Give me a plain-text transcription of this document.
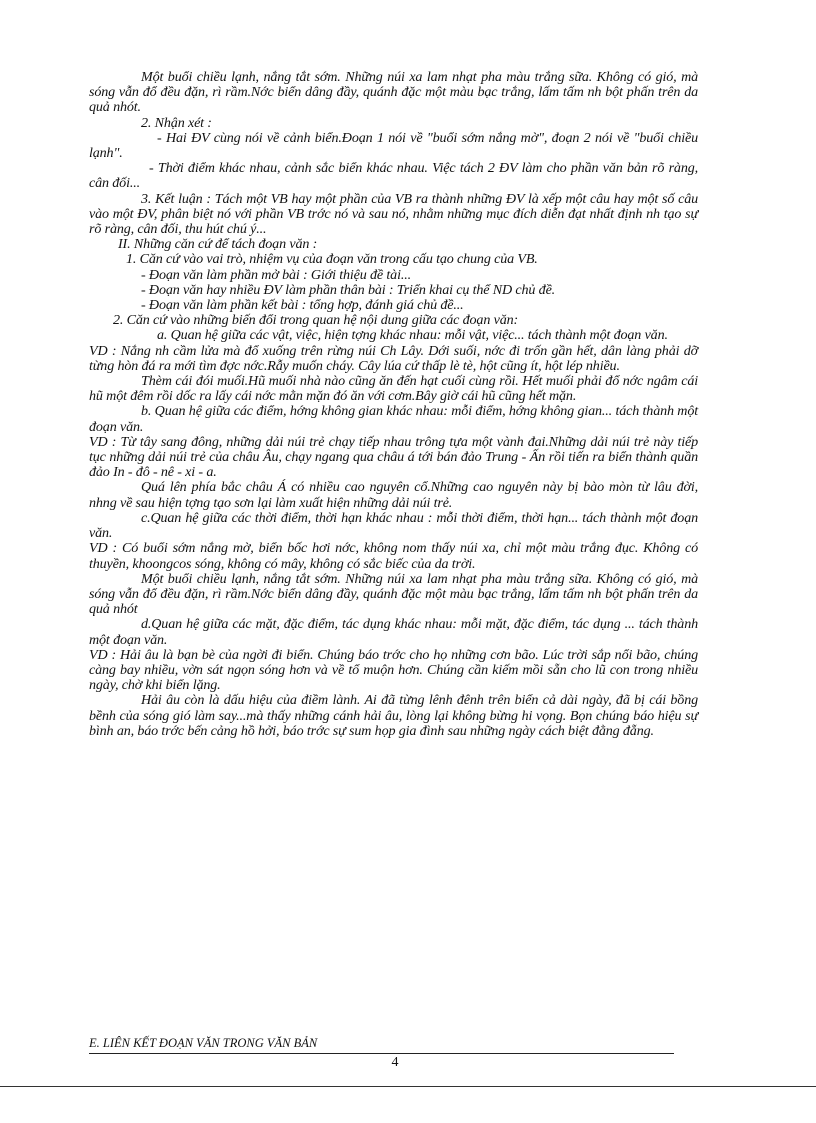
Một buổi chiều lạnh, nắng tắt sớm. Những núi xa lam nhạt pha màu trắng sữa. Không có gió, mà sóng vẫn đổ đều đặn, rì rầm.Nớc biển dâng đầy, quánh đặc một màu bạc trắng, lấm tấm nh bột phấn trên da quả nhót.

2. Nhận xét :

- Hai ĐV cùng nói về cảnh biển.Đoạn 1 nói về "buổi sớm nắng mờ", đoạn 2 nói về "buổi chiều lạnh".

- Thời điểm khác nhau, cảnh sắc biển khác nhau. Việc tách 2 ĐV làm cho phần văn bản rõ ràng, cân đối...

3. Kết luận : Tách một VB hay một phần của VB ra thành những ĐV là xếp một câu hay một số câu vào một ĐV, phân biệt nó với phần VB trớc nó và sau nó, nhằm những mục đích diễn đạt nhất định nh tạo sự rõ ràng, cân đối, thu hút chú ý...

II. Những căn cứ để tách đoạn văn :

1. Căn cứ vào vai trò, nhiệm vụ của đoạn văn trong cấu tạo chung của VB.

- Đoạn văn làm phần mở bài : Giới thiệu đề tài...

- Đoạn văn hay nhiều ĐV làm phần thân bài : Triển khai cụ thể ND chủ đề.

- Đoạn văn làm phần kết bài : tổng hợp, đánh giá chủ đề...

2. Căn cứ vào những biến đổi trong quan hệ nội dung giữa các đoạn văn:

a. Quan hệ giữa các vật, việc, hiện tợng khác nhau: mỗi vật, việc... tách thành một đoạn văn.

VD : Nắng nh cầm lửa mà đổ xuống trên rừng núi Ch Lây. Dới suối, nớc đi trốn gần hết, dân làng phải dỡ từng hòn đá ra mới tìm đợc nớc.Rẫy muốn cháy. Cây lúa cứ thấp lè tè, hột cũng ít, hột lép nhiều.

Thèm cái đói muối.Hũ muối nhà nào cũng ăn đến hạt cuối cùng rồi. Hết muối phải đổ nớc ngâm cái hũ một đêm rồi dốc ra lấy cái nớc mằn mặn đó ăn với cơm.Bây giờ cái hũ cũng hết mặn.

b. Quan hệ giữa các điểm, hớng không gian khác nhau: mỗi điểm, hớng không gian... tách thành một đoạn văn.

VD : Từ tây sang đông, những dải núi trẻ chạy tiếp nhau trông tựa một vành đai.Những dải núi trẻ này tiếp tục những dải núi trẻ của châu Âu, chạy ngang qua châu á tới bán đảo Trung - Ấn rồi tiến ra biển thành quần đảo In - đô - nê - xi - a.

Quá lên phía bắc châu Á có nhiều cao nguyên cổ.Những cao nguyên này bị bào mòn từ lâu đời, nhng về sau hiện tợng tạo sơn lại làm xuất hiện những dải núi trẻ.

c.Quan hệ giữa các thời điểm, thời hạn khác nhau : mỗi thời điểm, thời hạn... tách thành một đoạn văn.

VD : Có buổi sớm nắng mờ, biển bốc hơi nớc, không nom thấy núi xa, chỉ một màu trắng đục. Không có thuyền, khoongcos sóng, không có mây, không có sắc biếc của da trời.

Một buổi chiều lạnh, nắng tắt sớm. Những núi xa lam nhạt pha màu trắng sữa. Không có gió, mà sóng vẫn đổ đều đặn, rì rầm.Nớc biển dâng đầy, quánh đặc một màu bạc trắng, lấm tấm nh bột phấn trên da quả nhót

d.Quan hệ giữa các mặt, đặc điểm, tác dụng khác nhau: mỗi mặt, đặc điểm, tác dụng ... tách thành một đoạn văn.

VD : Hải âu là bạn bè của ngời đi biển. Chúng báo trớc cho họ những cơn bão. Lúc trời sắp nổi bão, chúng càng bay nhiều, vờn sát ngọn sóng hơn và về tổ muộn hơn. Chúng cần kiếm mồi sẵn cho lũ con trong nhiều ngày, chờ khi biển lặng.

Hải âu còn là dấu hiệu của điềm lành. Ai đã từng lênh đênh trên biển cả dài ngày, đã bị cái bồng bềnh của sóng gió làm say...mà thấy những cánh hải âu, lòng lại không bừng hi vọng. Bọn chúng báo hiệu sự bình an, báo trớc bến cảng hồ hởi, báo trớc sự sum họp gia đình sau những ngày cách biệt đằng đẵng.

E. LIÊN KẾT ĐOẠN VĂN TRONG VĂN BẢN
4
